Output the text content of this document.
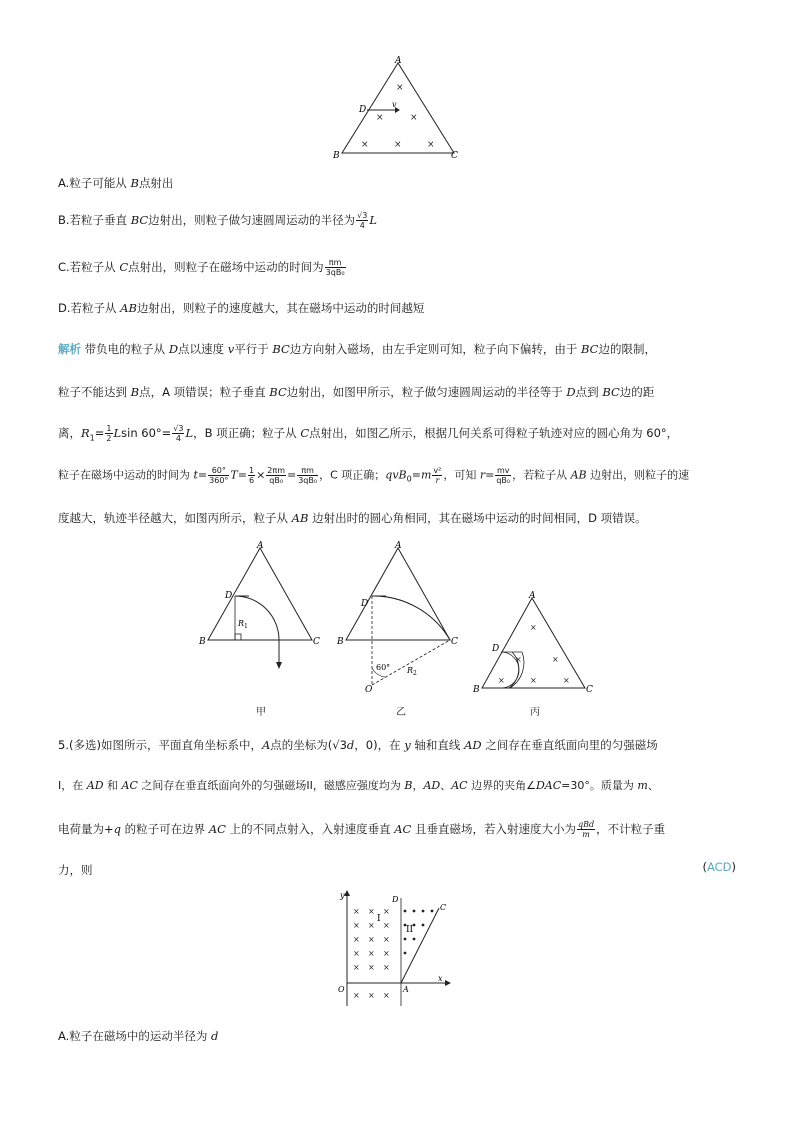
×
×	×
×	×	×
A
B	C
D
v
A.粒子可能从 B点射出
B.若粒子垂直 BC边射出，则粒子做匀速圆周运动的半径为 $\frac{√3}{4}$ L
C.若粒子从 C点射出，则粒子在磁场中运动的时间为 $\frac{\pi m}{\text{3qB₀}}$
D.若粒子从 AB边射出，则粒子的速度越大，其在磁场中运动的时间越短
解析 带负电的粒子从 D点以速度 v平行于 BC边方向射入磁场，由左手定则可知，粒子向下偏转，由于 BC边的限制，
粒子不能达到 B点，A 项错误；粒子垂直 BC边射出，如图甲所示，粒子做匀速圆周运动的半径等于 D点到 BC边的距
离，$R_1= \frac{1}{2}$ Lsin $60^\circ= \frac{√3}{4}$ L，B 项正确；粒子从 C点射出，如图乙所示，根据几何关系可得粒子轨迹对应的圆心角为 60°，
粒子在磁场中运动的时间为 $t= \frac{60^\circ}{360^\circ} T= \frac{1}{6} \times \frac{2\pi m}{\text{qB₀}} = \frac{\pi m}{\text{3qB₀}}$ ，C 项正确；$qvB_0=m \frac{\text{v²}}{r}$ ，可知 $r= \frac{mv}{\text{qB₀}}$ ，若粒子从 AB 边射出，则粒子的速
度越大，轨迹半径越大，如图丙所示，粒子从 AB 边射出时的圆心角相同，其在磁场中运动的时间相同，D 项错误。
A
B	C
D
R 1
甲
A
B	C
D
60° R 2
O
乙
×
×	×
×	×	×
A
B	C
D
丙
5.(多选)如图所示，平面直角坐标系中，A点的坐标为(√3d，0)，在 y 轴和直线 AD 之间存在垂直纸面向里的匀强磁场
I，在 AD 和 AC 之间存在垂直纸面向外的匀强磁场II，磁感应强度均为 B，AD、AC 边界的夹角∠DAC=30°。质量为 m、
电荷量为+q 的粒子可在边界 AC 上的不同点射入，入射速度垂直 AC 且垂直磁场，若入射速度大小为 $\frac{\text{qBd}}{m}$ ，不计粒子重
力，则	(ACD)
× × ×
× × ×
× × ×
× × ×
× × ×
× × ×
y
x
O	A
D
C
I
II
A.粒子在磁场中的运动半径为 d
